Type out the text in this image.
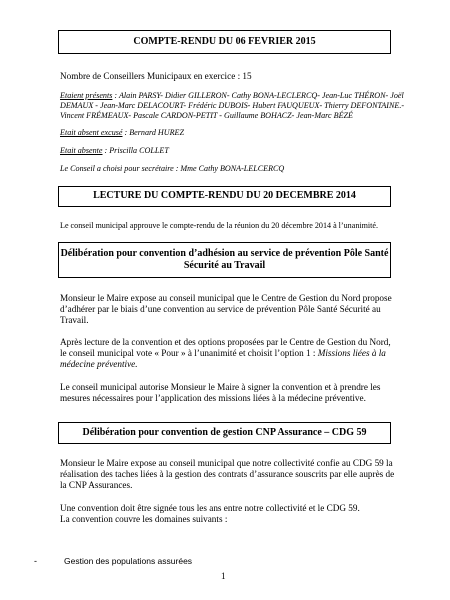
COMPTE-RENDU DU 06 FEVRIER 2015
Nombre de Conseillers Municipaux en exercice : 15
Etaient présents : Alain PARSY- Didier GILLERON- Cathy BONA-LECLERCQ- Jean-Luc THÉRON- Joël
DEMAUX - Jean-Marc DELACOURT- Frédéric DUBOIS- Hubert FAUQUEUX- Thierry DEFONTAINE.-
Vincent FRÉMEAUX- Pascale CARDON-PETIT - Guillaume BOHACZ- Jean-Marc BÉZÉ
Etait absent excusé : Bernard HUREZ
Etait absente : Priscilla COLLET
Le Conseil a choisi pour secrétaire : Mme Cathy BONA-LELCERCQ
LECTURE DU COMPTE-RENDU DU 20 DECEMBRE 2014
Le conseil municipal approuve le compte-rendu de la réunion du 20 décembre 2014 à l’unanimité.
Délibération pour convention d’adhésion au service de prévention Pôle Santé
Sécurité au Travail
Monsieur le Maire expose au conseil municipal que le Centre de Gestion du Nord propose
d’adhérer par le biais d’une convention au service de prévention Pôle Santé Sécurité au
Travail.
Après lecture de la convention et des options proposées par le Centre de Gestion du Nord,
le conseil municipal vote « Pour » à l’unanimité et choisit l’option 1 : Missions liées à la
médecine préventive.
Le conseil municipal autorise Monsieur le Maire à signer la convention et à prendre les
mesures nécessaires pour l’application des missions liées à la médecine préventive.
Délibération pour convention de gestion CNP Assurance – CDG 59
Monsieur le Maire expose au conseil municipal que notre collectivité confie au CDG 59 la
réalisation des taches liées à la gestion des contrats d’assurance souscrits par elle auprès de
la CNP Assurances.
Une convention doit être signée tous les ans entre notre collectivité et le CDG 59.
La convention couvre les domaines suivants :
-	Gestion des populations assurées
1
